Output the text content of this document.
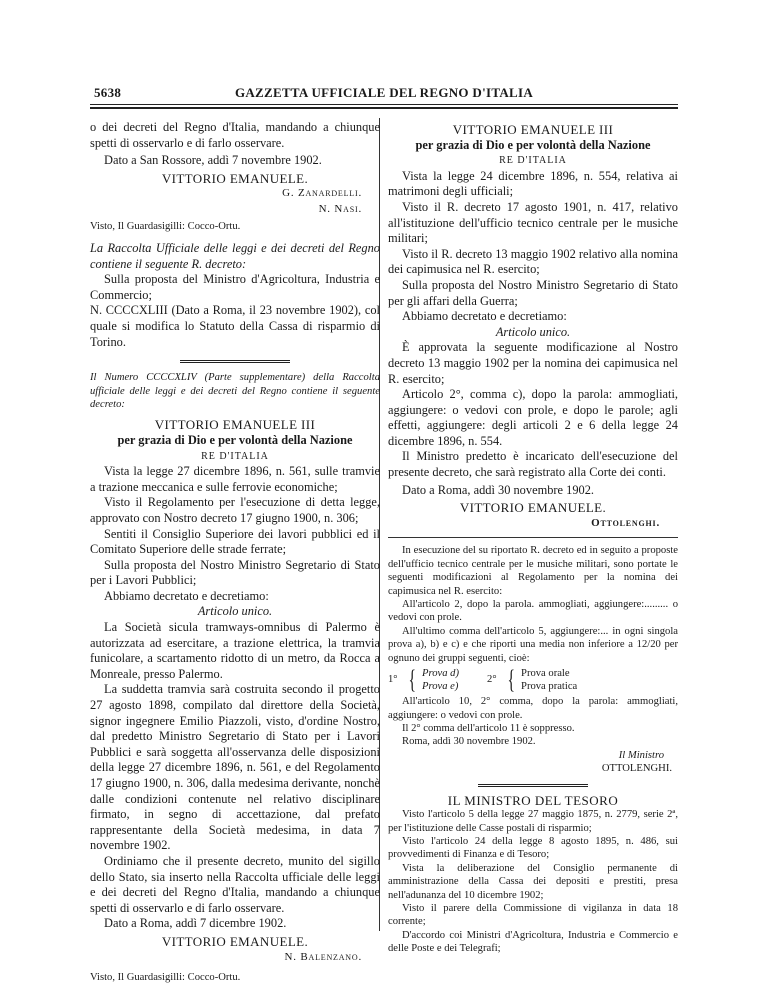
5638	GAZZETTA UFFICIALE DEL REGNO D'ITALIA

o dei decreti del Regno d'Italia, mandando a chiunque spetti di osservarlo e di farlo osservare.

Dato a San Rossore, addì 7 novembre 1902.

VITTORIO EMANUELE.
G. Zanardelli.
N. Nasi.

Visto, Il Guardasigilli: Cocco-Ortu.

La Raccolta Ufficiale delle leggi e dei decreti del Regno contiene il seguente R. decreto:

Sulla proposta del Ministro d'Agricoltura, Industria e Commercio;

N. CCCCXLIII (Dato a Roma, il 23 novembre 1902), col quale si modifica lo Statuto della Cassa di risparmio di Torino.

Il Numero CCCCXLIV (Parte supplementare) della Raccolta ufficiale delle leggi e dei decreti del Regno contiene il seguente decreto:

VITTORIO EMANUELE III
per grazia di Dio e per volontà della Nazione
RE D'ITALIA

Vista la legge 27 dicembre 1896, n. 561, sulle tramvie a trazione meccanica e sulle ferrovie economiche;

Visto il Regolamento per l'esecuzione di detta legge, approvato con Nostro decreto 17 giugno 1900, n. 306;

Sentiti il Consiglio Superiore dei lavori pubblici ed il Comitato Superiore delle strade ferrate;

Sulla proposta del Nostro Ministro Segretario di Stato per i Lavori Pubblici;

Abbiamo decretato e decretiamo:

Articolo unico.

La Società sicula tramways-omnibus di Palermo è autorizzata ad esercitare, a trazione elettrica, la tramvia funicolare, a scartamento ridotto di un metro, da Rocca a Monreale, presso Palermo.

La suddetta tramvia sarà costruita secondo il progetto 27 agosto 1898, compilato dal direttore della Società, signor ingegnere Emilio Piazzoli, visto, d'ordine Nostro, dal predetto Ministro Segretario di Stato per i Lavori Pubblici e sarà soggetta all'osservanza delle disposizioni della legge 27 dicembre 1896, n. 561, e del Regolamento 17 giugno 1900, n. 306, dalla medesima derivante, nonchè dalle condizioni contenute nel relativo disciplinare firmato, in segno di accettazione, dal prefato rappresentante della Società medesima, in data 7 novembre 1902.

Ordiniamo che il presente decreto, munito del sigillo dello Stato, sia inserto nella Raccolta ufficiale delle leggi e dei decreti del Regno d'Italia, mandando a chiunque spetti di osservarlo e di farlo osservare.

Dato a Roma, addì 7 dicembre 1902.

VITTORIO EMANUELE.
N. Balenzano.

Visto, Il Guardasigilli: Cocco-Ortu.

VITTORIO EMANUELE III
per grazia di Dio e per volontà della Nazione
RE D'ITALIA

Vista la legge 24 dicembre 1896, n. 554, relativa ai matrimoni degli ufficiali;

Visto il R. decreto 17 agosto 1901, n. 417, relativo all'istituzione dell'ufficio tecnico centrale per le musiche militari;

Visto il R. decreto 13 maggio 1902 relativo alla nomina dei capimusica nel R. esercito;

Sulla proposta del Nostro Ministro Segretario di Stato per gli affari della Guerra;

Abbiamo decretato e decretiamo:

Articolo unico.

È approvata la seguente modificazione al Nostro decreto 13 maggio 1902 per la nomina dei capimusica nel R. esercito;

Articolo 2°, comma c), dopo la parola: ammogliati, aggiungere: o vedovi con prole, e dopo le parole; agli effetti, aggiungere: degli articoli 2 e 6 della legge 24 dicembre 1896, n. 554.

Il Ministro predetto è incaricato dell'esecuzione del presente decreto, che sarà registrato alla Corte dei conti.

Dato a Roma, addì 30 novembre 1902.

VITTORIO EMANUELE.
Ottolenghi.

In esecuzione del su riportato R. decreto ed in seguito a proposte dell'ufficio tecnico centrale per le musiche militari, sono portate le seguenti modificazioni al Regolamento per la nomina dei capimusica nel R. esercito:

All'articolo 2, dopo la parola. ammogliati, aggiungere:......... o vedovi con prole.

All'ultimo comma dell'articolo 5, aggiungere:... in ogni singola prova a), b) e c) e che riporti una media non inferiore a 12/20 per ognuno dei gruppi seguenti, cioè:

1° { Prova d)
Prova e)
2° { Prova orale
Prova pratica

All'articolo 10, 2° comma, dopo la parola: ammogliati, aggiungere: o vedovi con prole.

Il 2° comma dell'articolo 11 è soppresso.

Roma, addì 30 novembre 1902.

Il Ministro
OTTOLENGHI.
IL MINISTRO DEL TESORO

Visto l'articolo 5 della legge 27 maggio 1875, n. 2779, serie 2ª, per l'istituzione delle Casse postali di risparmio;

Visto l'articolo 24 della legge 8 agosto 1895, n. 486, sui provvedimenti di Finanza e di Tesoro;

Vista la deliberazione del Consiglio permanente di amministrazione della Cassa dei depositi e prestiti, presa nell'adunanza del 10 dicembre 1902;

Visto il parere della Commissione di vigilanza in data 18 corrente;

D'accordo coi Ministri d'Agricoltura, Industria e Commercio e delle Poste e dei Telegrafi;
